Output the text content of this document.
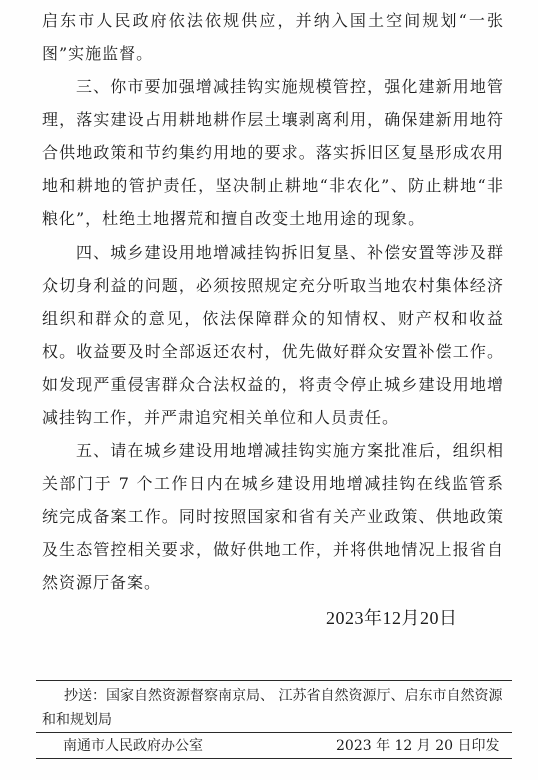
启东市人民政府依法依规供应，并纳入国土空间规划“一张图”实施监督。

三、你市要加强增减挂钩实施规模管控，强化建新用地管理，落实建设占用耕地耕作层土壤剥离利用，确保建新用地符合供地政策和节约集约用地的要求。落实拆旧区复垦形成农用地和耕地的管护责任，坚决制止耕地“非农化”、防止耕地“非粮化”，杜绝土地撂荒和擅自改变土地用途的现象。

四、城乡建设用地增减挂钩拆旧复垦、补偿安置等涉及群众切身利益的问题，必须按照规定充分听取当地农村集体经济组织和群众的意见，依法保障群众的知情权、财产权和收益权。收益要及时全部返还农村，优先做好群众安置补偿工作。如发现严重侵害群众合法权益的，将责令停止城乡建设用地增减挂钩工作，并严肃追究相关单位和人员责任。

五、请在城乡建设用地增减挂钩实施方案批准后，组织相关部门于 7 个工作日内在城乡建设用地增减挂钩在线监管系统完成备案工作。同时按照国家和省有关产业政策、供地政策及生态管控相关要求，做好供地工作，并将供地情况上报省自然资源厅备案。

2023年12月20日

抄送：国家自然资源督察南京局、 江苏省自然资源厅、启东市自然资源和和规划局

南通市人民政府办公室	2023 年 12 月 20 日印发
